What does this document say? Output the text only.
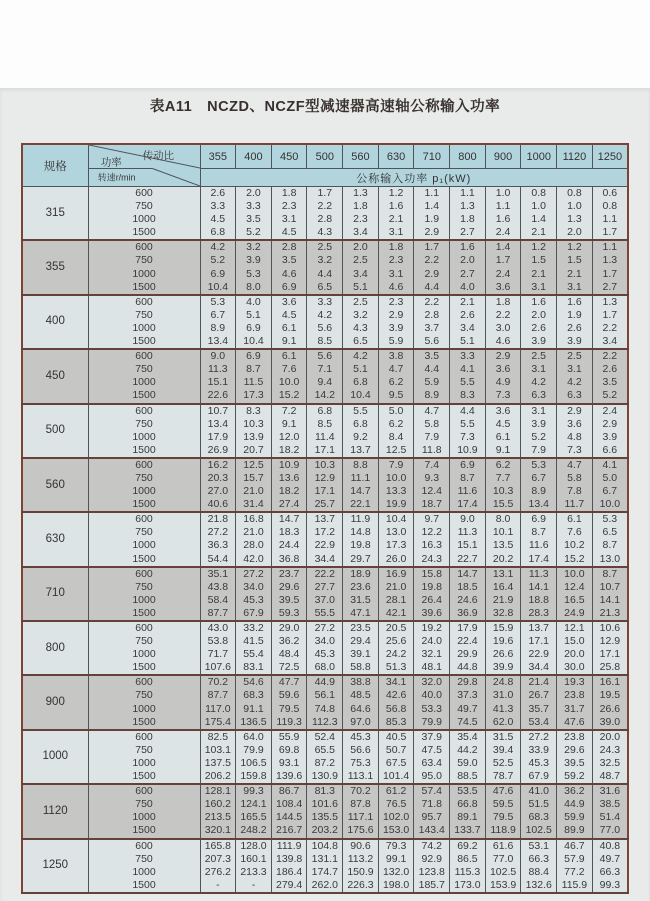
表A11　NCZD、NCZF型减速器高速轴公称输入功率
规格	传动比
功率
转速r/min	355	400	450	500	560	630	710	800	900	1000	1120	1250
		公称输入功率 p₁(kW)											
315	600	2.6	2.0	1.8	1.7	1.3	1.2	1.1	1.1	1.0	0.8	0.8	0.6
	750	3.3	3.3	2.3	2.2	1.8	1.6	1.4	1.3	1.1	1.0	1.0	0.8
	1000	4.5	3.5	3.1	2.8	2.3	2.1	1.9	1.8	1.6	1.4	1.3	1.1
	1500	6.8	5.2	4.5	4.3	3.4	3.1	2.9	2.7	2.4	2.1	2.0	1.7
355	600	4.2	3.2	2.8	2.5	2.0	1.8	1.7	1.6	1.4	1.2	1.2	1.1
	750	5.2	3.9	3.5	3.2	2.5	2.3	2.2	2.0	1.7	1.5	1.5	1.3
	1000	6.9	5.3	4.6	4.4	3.4	3.1	2.9	2.7	2.4	2.1	2.1	1.7
	1500	10.4	8.0	6.9	6.5	5.1	4.6	4.4	4.0	3.6	3.1	3.1	2.7
400	600	5.3	4.0	3.6	3.3	2.5	2.3	2.2	2.1	1.8	1.6	1.6	1.3
	750	6.7	5.1	4.5	4.2	3.2	2.9	2.8	2.6	2.2	2.0	1.9	1.7
	1000	8.9	6.9	6.1	5.6	4.3	3.9	3.7	3.4	3.0	2.6	2.6	2.2
	1500	13.4	10.4	9.1	8.5	6.5	5.9	5.6	5.1	4.6	3.9	3.9	3.4
450	600	9.0	6.9	6.1	5.6	4.2	3.8	3.5	3.3	2.9	2.5	2.5	2.2
	750	11.3	8.7	7.6	7.1	5.1	4.7	4.4	4.1	3.6	3.1	3.1	2.6
	1000	15.1	11.5	10.0	9.4	6.8	6.2	5.9	5.5	4.9	4.2	4.2	3.5
	1500	22.6	17.3	15.2	14.2	10.4	9.5	8.9	8.3	7.3	6.3	6.3	5.2
500	600	10.7	8.3	7.2	6.8	5.5	5.0	4.7	4.4	3.6	3.1	2.9	2.4
	750	13.4	10.3	9.1	8.5	6.8	6.2	5.8	5.5	4.5	3.9	3.6	2.9
	1000	17.9	13.9	12.0	11.4	9.2	8.4	7.9	7.3	6.1	5.2	4.8	3.9
	1500	26.9	20.7	18.2	17.1	13.7	12.5	11.8	10.9	9.1	7.9	7.3	6.6
560	600	16.2	12.5	10.9	10.3	8.8	7.9	7.4	6.9	6.2	5.3	4.7	4.1
	750	20.3	15.7	13.6	12.9	11.1	10.0	9.3	8.7	7.7	6.7	5.8	5.0
	1000	27.0	21.0	18.2	17.1	14.7	13.3	12.4	11.6	10.3	8.9	7.8	6.7
	1500	40.6	31.4	27.4	25.7	22.1	19.9	18.7	17.4	15.5	13.4	11.7	10.0
630	600	21.8	16.8	14.7	13.7	11.9	10.4	9.7	9.0	8.0	6.9	6.1	5.3
	750	27.2	21.0	18.3	17.2	14.8	13.0	12.2	11.3	10.1	8.7	7.6	6.5
	1000	36.3	28.0	24.4	22.9	19.8	17.3	16.3	15.1	13.5	11.6	10.2	8.7
	1500	54.4	42.0	36.8	34.4	29.7	26.0	24.3	22.7	20.2	17.4	15.2	13.0
710	600	35.1	27.2	23.7	22.2	18.9	16.9	15.8	14.7	13.1	11.3	10.0	8.7
	750	43.8	34.0	29.6	27.7	23.6	21.0	19.8	18.5	16.4	14.1	12.4	10.7
	1000	58.4	45.3	39.5	37.0	31.5	28.1	26.4	24.6	21.9	18.8	16.5	14.1
	1500	87.7	67.9	59.3	55.5	47.1	42.1	39.6	36.9	32.8	28.3	24.9	21.3
800	600	43.0	33.2	29.0	27.2	23.5	20.5	19.2	17.9	15.9	13.7	12.1	10.6
	750	53.8	41.5	36.2	34.0	29.4	25.6	24.0	22.4	19.6	17.1	15.0	12.9
	1000	71.7	55.4	48.4	45.3	39.1	24.2	32.1	29.9	26.6	22.9	20.0	17.1
	1500	107.6	83.1	72.5	68.0	58.8	51.3	48.1	44.8	39.9	34.4	30.0	25.8
900	600	70.2	54.6	47.7	44.9	38.8	34.1	32.0	29.8	24.8	21.4	19.3	16.1
	750	87.7	68.3	59.6	56.1	48.5	42.6	40.0	37.3	31.0	26.7	23.8	19.5
	1000	117.0	91.1	79.5	74.8	64.6	56.8	53.3	49.7	41.3	35.7	31.7	26.6
	1500	175.4	136.5	119.3	112.3	97.0	85.3	79.9	74.5	62.0	53.4	47.6	39.0
1000	600	82.5	64.0	55.9	52.4	45.3	40.5	37.9	35.4	31.5	27.2	23.8	20.0
	750	103.1	79.9	69.8	65.5	56.6	50.7	47.5	44.2	39.4	33.9	29.6	24.3
	1000	137.5	106.5	93.1	87.2	75.3	67.5	63.4	59.0	52.5	45.3	39.5	32.5
	1500	206.2	159.8	139.6	130.9	113.1	101.4	95.0	88.5	78.7	67.9	59.2	48.7
1120	600	128.1	99.3	86.7	81.3	70.2	61.2	57.4	53.5	47.6	41.0	36.2	31.6
	750	160.2	124.1	108.4	101.6	87.8	76.5	71.8	66.8	59.5	51.5	44.9	38.5
	1000	213.5	165.5	144.5	135.5	117.1	102.0	95.7	89.1	79.5	68.3	59.9	51.4
	1500	320.1	248.2	216.7	203.2	175.6	153.0	143.4	133.7	118.9	102.5	89.9	77.0
1250	600	165.8	128.0	111.9	104.8	90.6	79.3	74.2	69.2	61.6	53.1	46.7	40.8
	750	207.3	160.1	139.8	131.1	113.2	99.1	92.9	86.5	77.0	66.3	57.9	49.7
	1000	276.2	213.3	186.4	174.7	150.9	132.0	123.8	115.3	102.5	88.4	77.2	66.3
	1500	-	-	279.4	262.0	226.3	198.0	185.7	173.0	153.9	132.6	115.9	99.3
